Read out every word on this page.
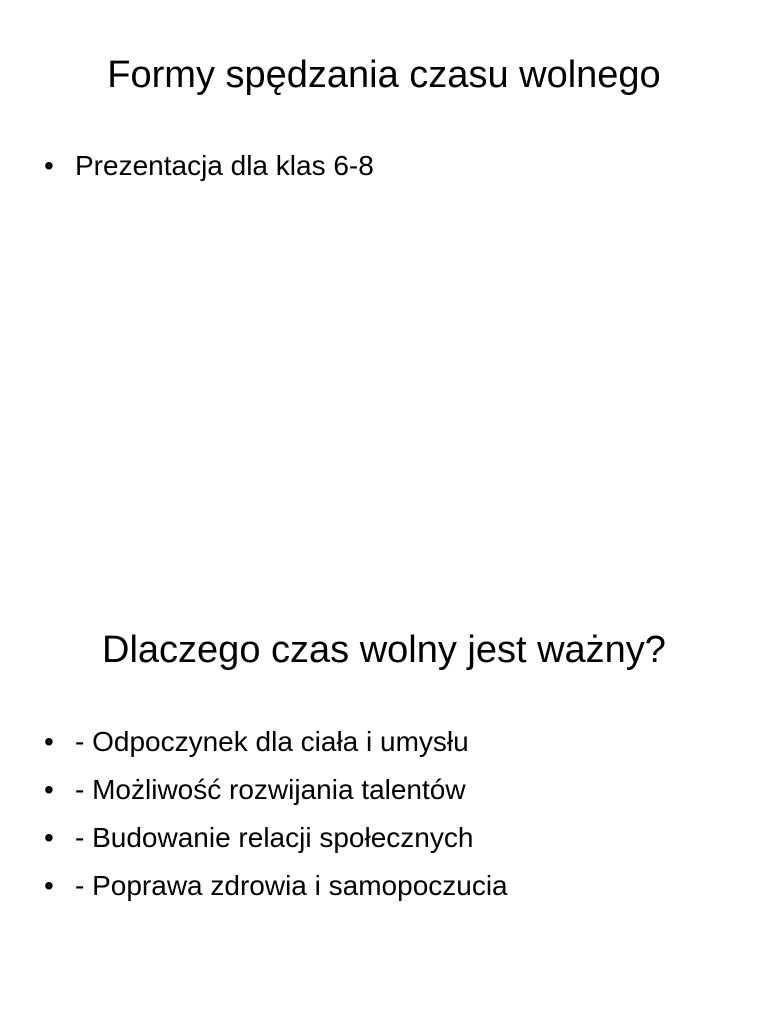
Formy spędzania czasu wolnego
• Prezentacja dla klas 6-8
Dlaczego czas wolny jest ważny?
• - Odpoczynek dla ciała i umysłu
• - Możliwość rozwijania talentów
• - Budowanie relacji społecznych
• - Poprawa zdrowia i samopoczucia
